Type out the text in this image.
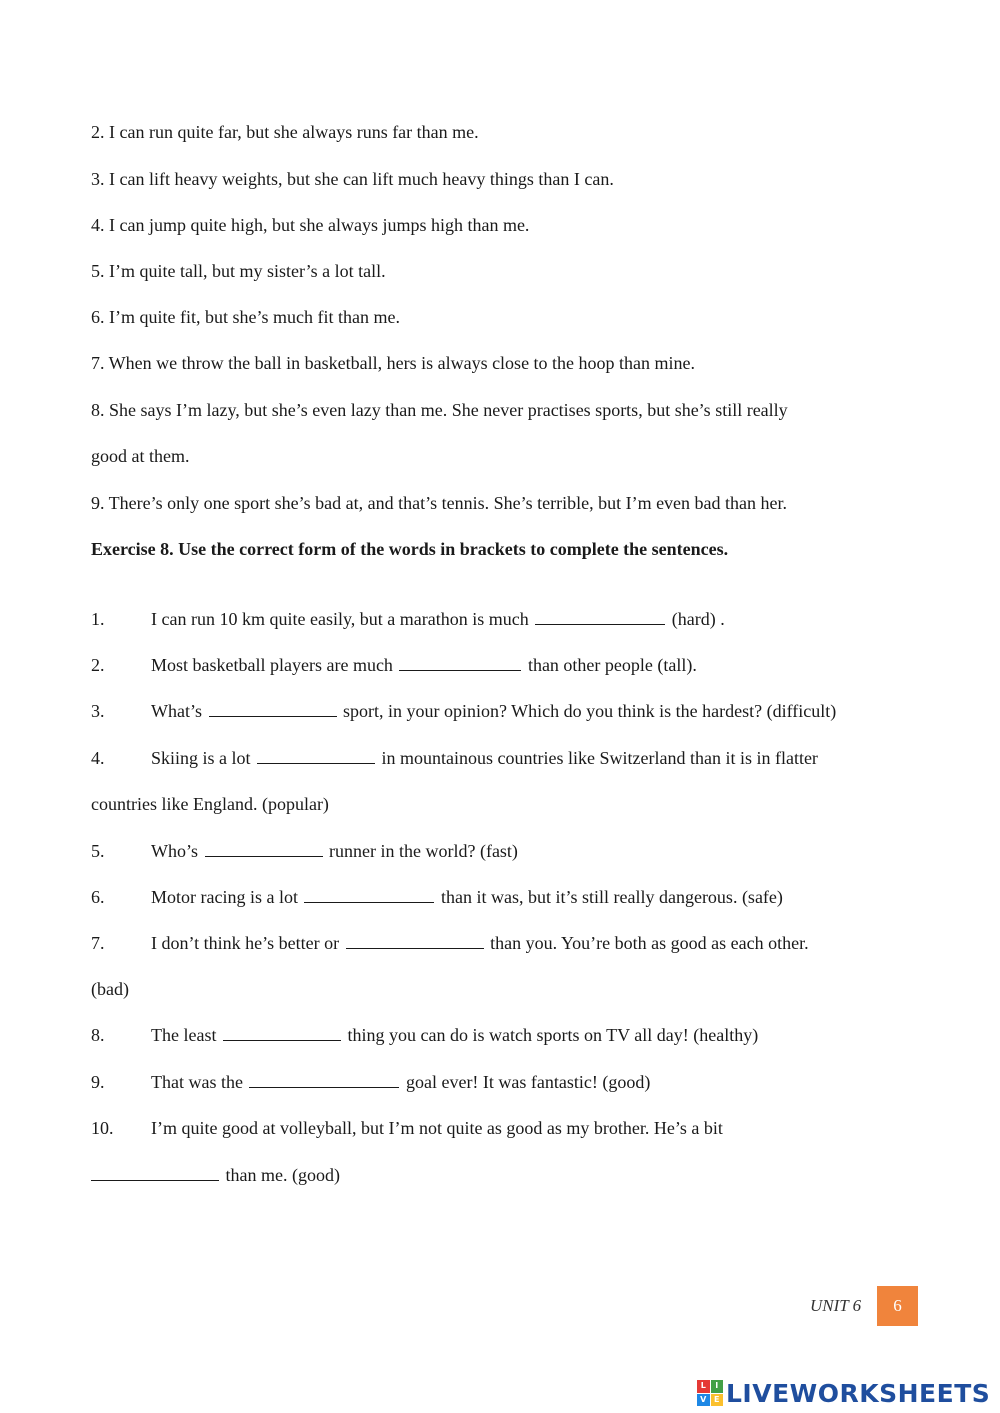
2. I can run quite far, but she always runs far than me.
3. I can lift heavy weights, but she can lift much heavy things than I can.
4. I can jump quite high, but she always jumps high than me.
5. I’m quite tall, but my sister’s a lot tall.
6. I’m quite fit, but she’s much fit than me.
7. When we throw the ball in basketball, hers is always close to the hoop than mine.
8. She says I’m lazy, but she’s even lazy than me. She never practises sports, but she’s still really
good at them.
9. There’s only one sport she’s bad at, and that’s tennis. She’s terrible, but I’m even bad than her.
Exercise 8. Use the correct form of the words in brackets to complete the sentences.
1.	I can run 10 km quite easily, but a marathon is much	(hard) .
2.	Most basketball players are much	than other people (tall).
3.	What’s	sport, in your opinion? Which do you think is the hardest? (difficult)
4.	Skiing is a lot	in mountainous countries like Switzerland than it is in flatter
countries like England. (popular)
5.	Who’s	runner in the world? (fast)
6.	Motor racing is a lot	than it was, but it’s still really dangerous. (safe)
7.	I don’t think he’s better or	than you. You’re both as good as each other.
(bad)
8.	The least	thing you can do is watch sports on TV all day! (healthy)
9.	That was the	goal ever! It was fantastic! (good)
10. I’m quite good at volleyball, but I’m not quite as good as my brother. He’s a bit
than me. (good)
UNIT 6	6
L	I
V E LIVEWORKSHEETS
